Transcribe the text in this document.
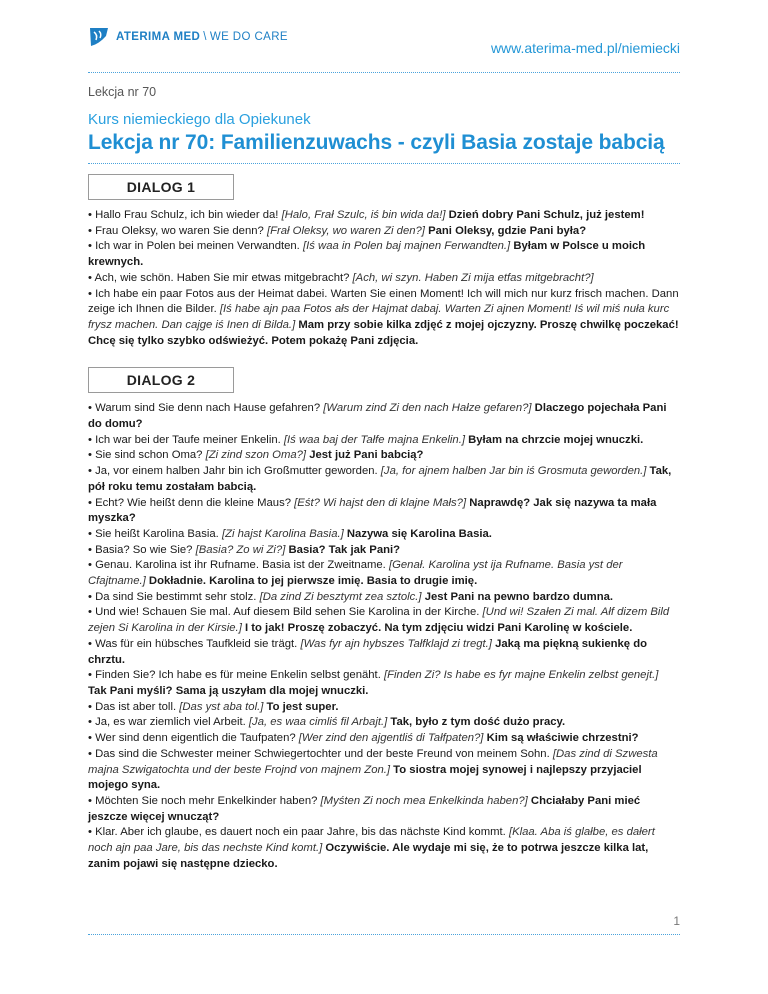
ATERIMA MED \ WE DO CARE
www.aterima-med.pl/niemiecki
Lekcja nr 70
Kurs niemieckiego dla Opiekunek
Lekcja nr 70: Familienzuwachs - czyli Basia zostaje babcią
DIALOG 1
• Hallo Frau Schulz, ich bin wieder da! [Halo, Frał Szulc, iś bin wida da!] Dzień dobry Pani Schulz, już jestem!
• Frau Oleksy, wo waren Sie denn? [Frał Oleksy, wo waren Zi den?] Pani Oleksy, gdzie Pani była?
• Ich war in Polen bei meinen Verwandten. [Iś waa in Polen baj majnen Ferwandten.] Byłam w Polsce u moich krewnych.
• Ach, wie schön. Haben Sie mir etwas mitgebracht? [Ach, wi szyn. Haben Zi mija etfas mitgebracht?]
• Ich habe ein paar Fotos aus der Heimat dabei. Warten Sie einen Moment! Ich will mich nur kurz frisch machen. Dann zeige ich Ihnen die Bilder. [Iś habe ajn paa Fotos ałs der Hajmat dabaj. Warten Zi ajnen Moment! Iś wil miś nuła kurc frysz machen. Dan cajge iś Inen di Bilda.] Mam przy sobie kilka zdjęć z mojej ojczyzny. Proszę chwilkę poczekać! Chcę się tylko szybko odświeżyć. Potem pokażę Pani zdjęcia.
DIALOG 2
• Warum sind Sie denn nach Hause gefahren? [Warum zind Zi den nach Hałze gefaren?] Dlaczego pojechała Pani do domu?
• Ich war bei der Taufe meiner Enkelin. [Iś waa baj der Tałfe majna Enkelin.] Byłam na chrzcie mojej wnuczki.
• Sie sind schon Oma? [Zi zind szon Oma?] Jest już Pani babcią?
• Ja, vor einem halben Jahr bin ich Großmutter geworden. [Ja, for ajnem halben Jar bin iś Grosmuta geworden.] Tak, pół roku temu zostałam babcią.
• Echt? Wie heißt denn die kleine Maus? [Eśt? Wi hajst den di klajne Małs?] Naprawdę? Jak się nazywa ta mała myszka?
• Sie heißt Karolina Basia. [Zi hajst Karolina Basia.] Nazywa się Karolina Basia.
• Basia? So wie Sie? [Basia? Zo wi Zi?] Basia? Tak jak Pani?
• Genau. Karolina ist ihr Rufname. Basia ist der Zweitname. [Genał. Karolina yst ija Rufname. Basia yst der Cfajtname.] Dokładnie. Karolina to jej pierwsze imię. Basia to drugie imię.
• Da sind Sie bestimmt sehr stolz. [Da zind Zi besztymt zea sztolc.] Jest Pani na pewno bardzo dumna.
• Und wie! Schauen Sie mal. Auf diesem Bild sehen Sie Karolina in der Kirche. [Und wi! Szałen Zi mal. Ałf dizem Bild zejen Si Karolina in der Kirsie.] I to jak! Proszę zobaczyć. Na tym zdjęciu widzi Pani Karolinę w kościele.
• Was für ein hübsches Taufkleid sie trägt. [Was fyr ajn hybszes Tałfklajd zi tregt.] Jaką ma piękną sukienkę do chrztu.
• Finden Sie? Ich habe es für meine Enkelin selbst genäht. [Finden Zi? Is habe es fyr majne Enkelin zelbst genejt.] Tak Pani myśli? Sama ją uszyłam dla mojej wnuczki.
• Das ist aber toll. [Das yst aba tol.] To jest super.
• Ja, es war ziemlich viel Arbeit. [Ja, es waa cimliś fil Arbajt.] Tak, było z tym dość dużo pracy.
• Wer sind denn eigentlich die Taufpaten? [Wer zind den ajgentliś di Tałfpaten?] Kim są właściwie chrzestni?
• Das sind die Schwester meiner Schwiegertochter und der beste Freund von meinem Sohn. [Das zind di Szwesta majna Szwigatochta und der beste Frojnd von majnem Zon.] To siostra mojej synowej i najlepszy przyjaciel mojego syna.
• Möchten Sie noch mehr Enkelkinder haben? [Myśten Zi noch mea Enkelkinda haben?] Chciałaby Pani mieć jeszcze więcej wnucząt?
• Klar. Aber ich glaube, es dauert noch ein paar Jahre, bis das nächste Kind kommt. [Klaa. Aba iś glałbe, es dałert noch ajn paa Jare, bis das nechste Kind komt.] Oczywiście. Ale wydaje mi się, że to potrwa jeszcze kilka lat, zanim pojawi się następne dziecko.
1
